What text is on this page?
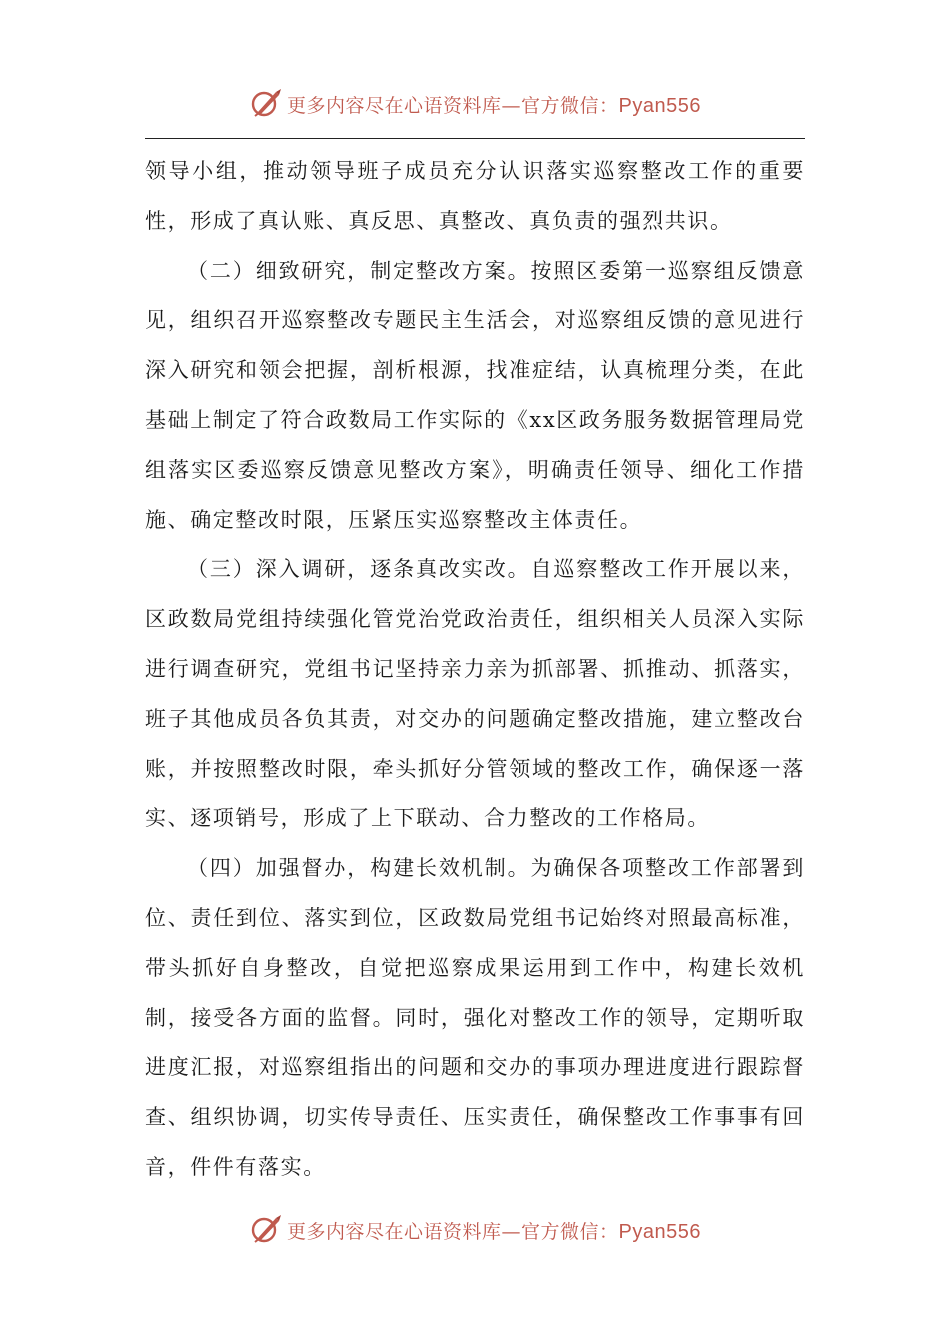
更多内容尽在心语资料库—官方微信：Pyan556

领导小组，推动领导班子成员充分认识落实巡察整改工作的重要性，形成了真认账、真反思、真整改、真负责的强烈共识。

（二）细致研究，制定整改方案。按照区委第一巡察组反馈意见，组织召开巡察整改专题民主生活会，对巡察组反馈的意见进行深入研究和领会把握，剖析根源，找准症结，认真梳理分类，在此基础上制定了符合政数局工作实际的《xx区政务服务数据管理局党组落实区委巡察反馈意见整改方案》，明确责任领导、细化工作措施、确定整改时限，压紧压实巡察整改主体责任。

（三）深入调研，逐条真改实改。自巡察整改工作开展以来，区政数局党组持续强化管党治党政治责任，组织相关人员深入实际进行调查研究，党组书记坚持亲力亲为抓部署、抓推动、抓落实，班子其他成员各负其责，对交办的问题确定整改措施，建立整改台账，并按照整改时限，牵头抓好分管领域的整改工作，确保逐一落实、逐项销号，形成了上下联动、合力整改的工作格局。

（四）加强督办，构建长效机制。为确保各项整改工作部署到位、责任到位、落实到位，区政数局党组书记始终对照最高标准，带头抓好自身整改，自觉把巡察成果运用到工作中，构建长效机制，接受各方面的监督。同时，强化对整改工作的领导，定期听取进度汇报，对巡察组指出的问题和交办的事项办理进度进行跟踪督查、组织协调，切实传导责任、压实责任，确保整改工作事事有回音，件件有落实。

更多内容尽在心语资料库—官方微信：Pyan556
